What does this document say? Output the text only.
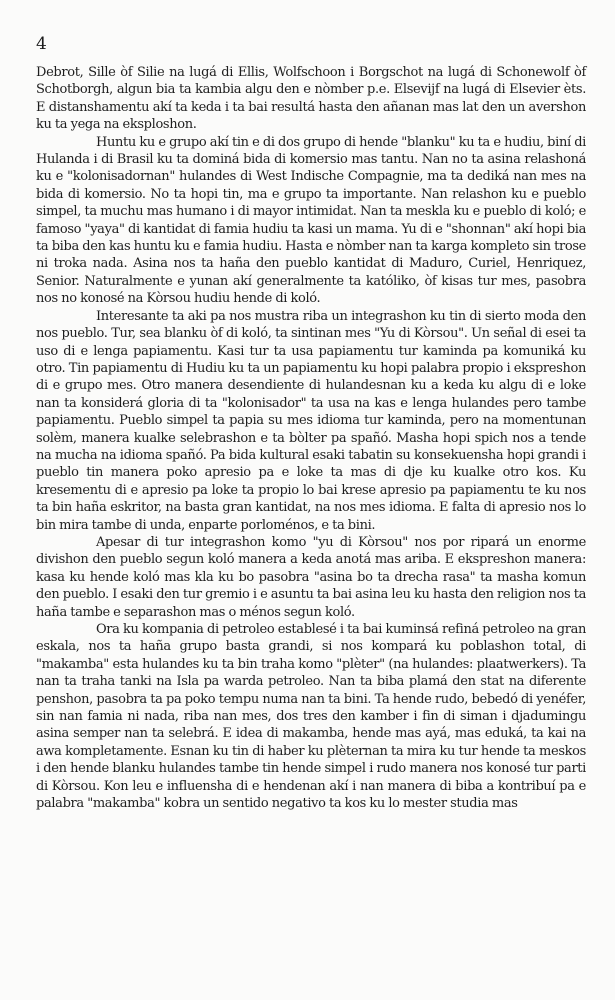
4

Debrot, Sille òf Silie na lugá di Ellis, Wolfschoon i Borgschot na lugá di Schonewolf òf Schotborgh, algun bia ta kambia algu den e nòmber p.e. Elsevijf na lugá di Elsevier èts. E distanshamentu akí ta keda i ta bai resultá hasta den añanan mas lat den un avershon ku ta yega na eksploshon.

Huntu ku e grupo akí tin e di dos grupo di hende "blanku" ku ta e hudiu, biní di Hulanda i di Brasil ku ta dominá bida di komersio mas tantu. Nan no ta asina relashoná ku e "kolonisadornan" hulandes di West Indische Compagnie, ma ta dediká nan mes na bida di komersio. No ta hopi tin, ma e grupo ta importante. Nan relashon ku e pueblo simpel, ta muchu mas humano i di mayor intimidat. Nan ta meskla ku e pueblo di koló; e famoso "yaya" di kantidat di famia hudiu ta kasi un mama. Yu di e "shonnan" akí hopi bia ta biba den kas huntu ku e famia hudiu. Hasta e nòmber nan ta karga kompleto sin trose ni troka nada. Asina nos ta haña den pueblo kantidat di Maduro, Curiel, Henriquez, Senior. Naturalmente e yunan akí generalmente ta katóliko, òf kisas tur mes, pasobra nos no konosé na Kòrsou hudiu hende di koló.

Interesante ta aki pa nos mustra riba un integrashon ku tin di sierto moda den nos pueblo. Tur, sea blanku òf di koló, ta sintinan mes "Yu di Kòrsou". Un señal di esei ta uso di e lenga papiamentu. Kasi tur ta usa papiamentu tur kaminda pa komuniká ku otro. Tin papiamentu di Hudiu ku ta un papiamentu ku hopi palabra propio i ekspreshon di e grupo mes. Otro manera desendiente di hulandesnan ku a keda ku algu di e loke nan ta konsiderá gloria di ta "kolonisador" ta usa na kas e lenga hulandes pero tambe papiamentu. Pueblo simpel ta papia su mes idioma tur kaminda, pero na momentunan solèm, manera kualke selebrashon e ta bòlter pa spañó. Masha hopi spich nos a tende na mucha na idioma spañó. Pa bida kultural esaki tabatin su konsekuensha hopi grandi i pueblo tin manera poko apresio pa e loke ta mas di dje ku kualke otro kos. Ku kresementu di e apresio pa loke ta propio lo bai krese apresio pa papiamentu te ku nos ta bin haña eskritor, na basta gran kantidat, na nos mes idioma. E falta di apresio nos lo bin mira tambe di unda, enparte porloménos, e ta bini.

Apesar di tur integrashon komo "yu di Kòrsou" nos por ripará un enorme divishon den pueblo segun koló manera a keda anotá mas ariba. E ekspreshon manera: kasa ku hende koló mas kla ku bo pasobra "asina bo ta drecha rasa" ta masha komun den pueblo. I esaki den tur gremio i e asuntu ta bai asina leu ku hasta den religion nos ta haña tambe e separashon mas o ménos segun koló.

Ora ku kompania di petroleo establesé i ta bai kuminsá refiná petroleo na gran eskala, nos ta haña grupo basta grandi, si nos kompará ku poblashon total, di "makamba" esta hulandes ku ta bin traha komo "plèter" (na hulandes: plaatwerkers). Ta nan ta traha tanki na Isla pa warda petroleo. Nan ta biba plamá den stat na diferente penshon, pasobra ta pa poko tempu numa nan ta bini. Ta hende rudo, bebedó di yenéfer, sin nan famia ni nada, riba nan mes, dos tres den kamber i fin di siman i djadumingu asina semper nan ta selebrá. E idea di makamba, hende mas ayá, mas eduká, ta kai na awa kompletamente. Esnan ku tin di haber ku plèternan ta mira ku tur hende ta meskos i den hende blanku hulandes tambe tin hende simpel i rudo manera nos konosé tur parti di Kòrsou. Kon leu e influensha di e hendenan akí i nan manera di biba a kontribuí pa e palabra "makamba" kobra un sentido negativo ta kos ku lo mester studia mas
